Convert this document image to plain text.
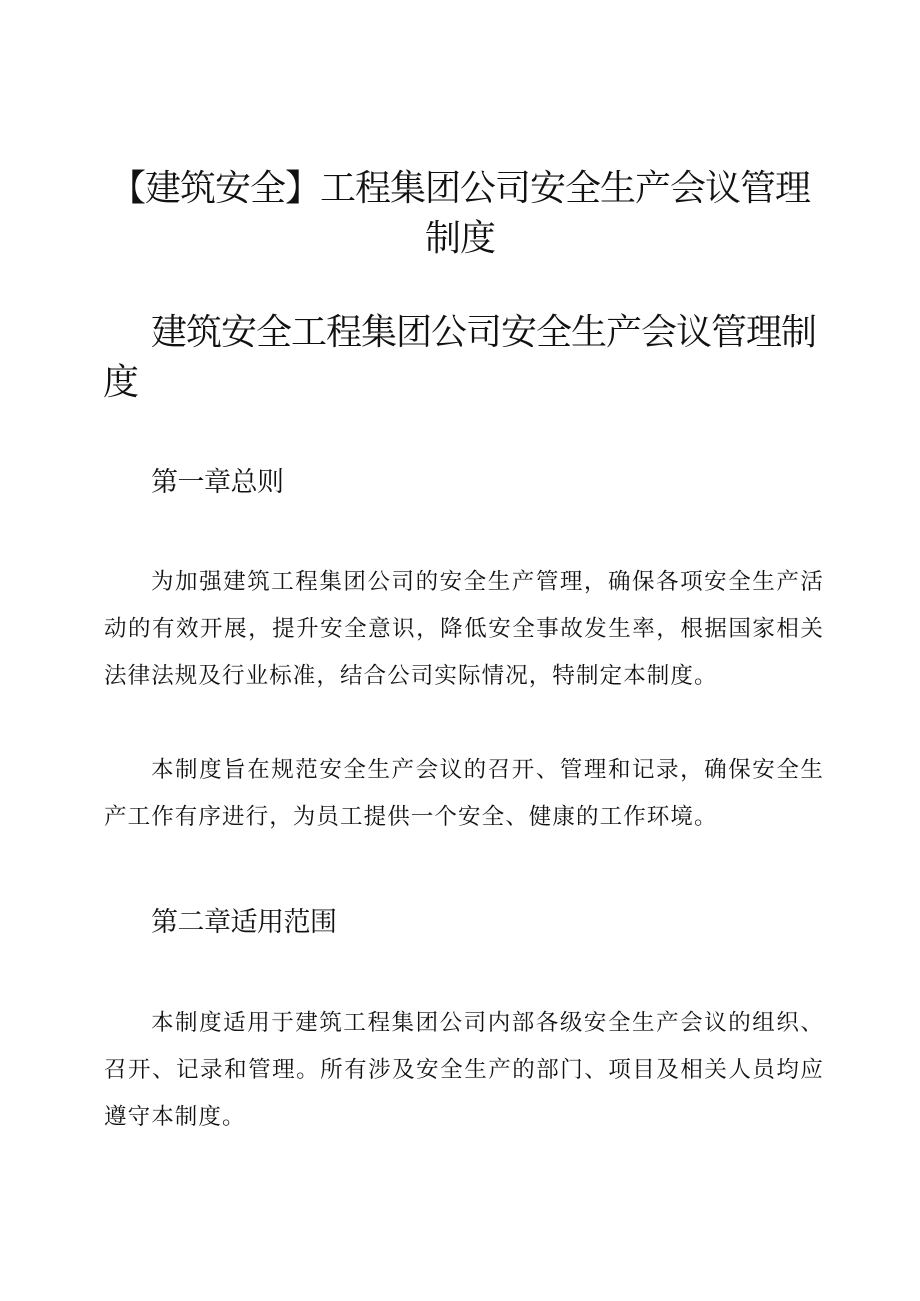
【建筑安全】工程集团公司安全生产会议管理制度
建筑安全工程集团公司安全生产会议管理制度
第一章总则

为加强建筑工程集团公司的安全生产管理，确保各项安全生产活动的有效开展，提升安全意识，降低安全事故发生率，根据国家相关法律法规及行业标准，结合公司实际情况，特制定本制度。

本制度旨在规范安全生产会议的召开、管理和记录，确保安全生产工作有序进行，为员工提供一个安全、健康的工作环境。

第二章适用范围

本制度适用于建筑工程集团公司内部各级安全生产会议的组织、召开、记录和管理。所有涉及安全生产的部门、项目及相关人员均应遵守本制度。
